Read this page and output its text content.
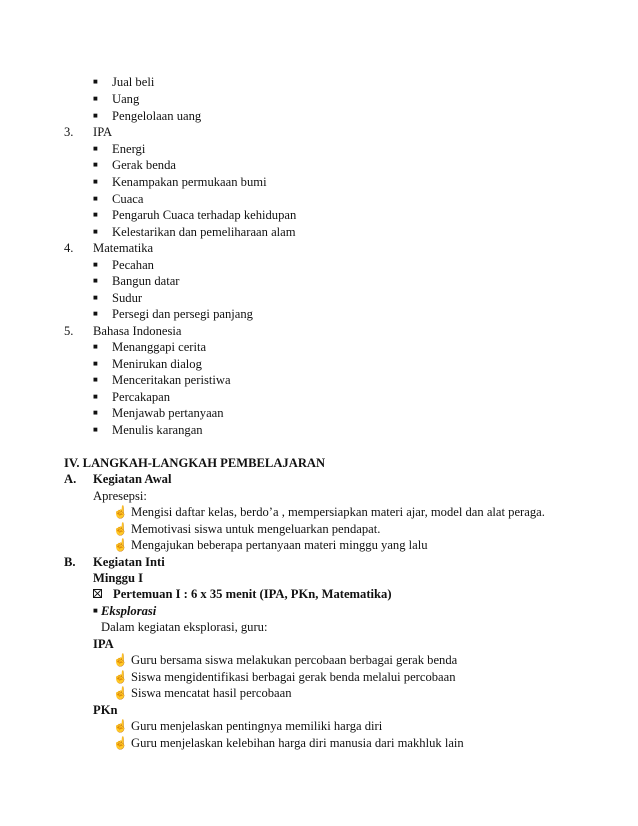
■ Jual beli
■ Uang
■ Pengelolaan uang
3. IPA
■ Energi
■ Gerak benda
■ Kenampakan permukaan bumi
■ Cuaca
■ Pengaruh Cuaca terhadap kehidupan
■ Kelestarikan dan pemeliharaan alam
4. Matematika
■ Pecahan
■ Bangun datar
■ Sudur
■ Persegi dan persegi panjang
5. Bahasa Indonesia
■ Menanggapi cerita
■ Menirukan dialog
■ Menceritakan peristiwa
■ Percakapan
■ Menjawab pertanyaan
■ Menulis karangan
IV. LANGKAH-LANGKAH PEMBELAJARAN
A. Kegiatan Awal
Apresepsi:
☝ Mengisi daftar kelas, berdo’a , mempersiapkan materi ajar, model dan alat peraga.
☝ Memotivasi siswa untuk mengeluarkan pendapat.
☝ Mengajukan beberapa pertanyaan materi minggu yang lalu
B. Kegiatan Inti
Minggu I
Pertemuan I : 6 x 35 menit (IPA, PKn, Matematika)
■ Eksplorasi
Dalam kegiatan eksplorasi, guru:
IPA
☝ Guru bersama siswa melakukan percobaan berbagai gerak benda
☝ Siswa mengidentifikasi berbagai gerak benda melalui percobaan
☝ Siswa mencatat hasil percobaan
PKn
☝ Guru menjelaskan pentingnya memiliki harga diri
☝ Guru menjelaskan kelebihan harga diri manusia dari makhluk lain
